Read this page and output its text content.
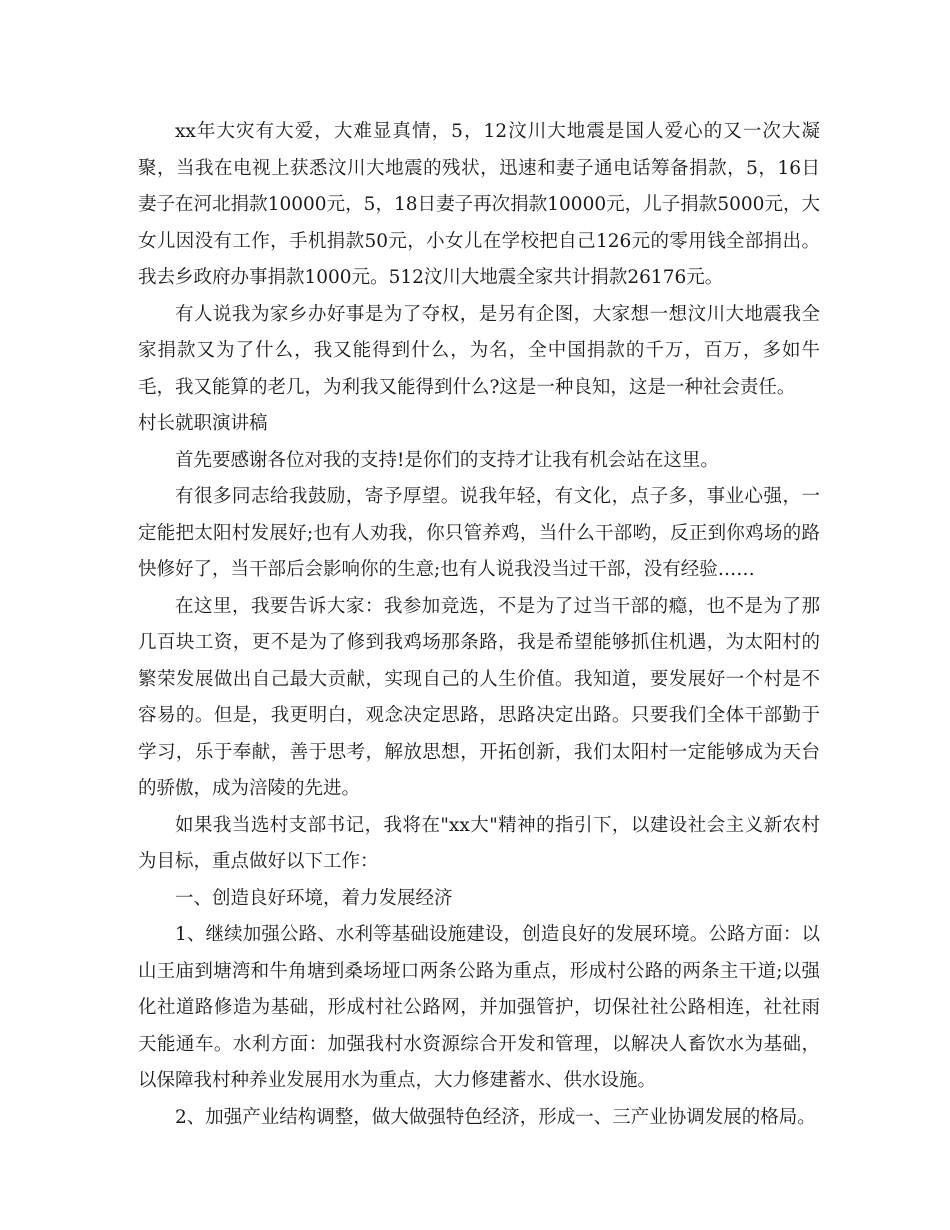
xx年大灾有大爱，大难显真情，5，12汶川大地震是国人爱心的又一次大凝聚，当我在电视上获悉汶川大地震的残状，迅速和妻子通电话筹备捐款，5，16日妻子在河北捐款10000元，5，18日妻子再次捐款10000元，儿子捐款5000元，大女儿因没有工作，手机捐款50元，小女儿在学校把自己126元的零用钱全部捐出。我去乡政府办事捐款1000元。512汶川大地震全家共计捐款26176元。

有人说我为家乡办好事是为了夺权，是另有企图，大家想一想汶川大地震我全家捐款又为了什么，我又能得到什么，为名，全中国捐款的千万，百万，多如牛毛，我又能算的老几，为利我又能得到什么?这是一种良知，这是一种社会责任。

村长就职演讲稿

首先要感谢各位对我的支持!是你们的支持才让我有机会站在这里。

有很多同志给我鼓励，寄予厚望。说我年轻，有文化，点子多，事业心强，一定能把太阳村发展好;也有人劝我，你只管养鸡，当什么干部哟，反正到你鸡场的路快修好了，当干部后会影响你的生意;也有人说我没当过干部，没有经验……

在这里，我要告诉大家：我参加竞选，不是为了过当干部的瘾，也不是为了那几百块工资，更不是为了修到我鸡场那条路，我是希望能够抓住机遇，为太阳村的繁荣发展做出自己最大贡献，实现自己的人生价值。我知道，要发展好一个村是不容易的。但是，我更明白，观念决定思路，思路决定出路。只要我们全体干部勤于学习，乐于奉献，善于思考，解放思想，开拓创新，我们太阳村一定能够成为天台的骄傲，成为涪陵的先进。

如果我当选村支部书记，我将在"xx大"精神的指引下，以建设社会主义新农村为目标，重点做好以下工作：

一、创造良好环境，着力发展经济

1、继续加强公路、水利等基础设施建设，创造良好的发展环境。公路方面：以山王庙到塘湾和牛角塘到桑场垭口两条公路为重点，形成村公路的两条主干道;以强化社道路修造为基础，形成村社公路网，并加强管护，切保社社公路相连，社社雨天能通车。水利方面：加强我村水资源综合开发和管理，以解决人畜饮水为基础，以保障我村种养业发展用水为重点，大力修建蓄水、供水设施。

2、加强产业结构调整，做大做强特色经济，形成一、三产业协调发展的格局。
